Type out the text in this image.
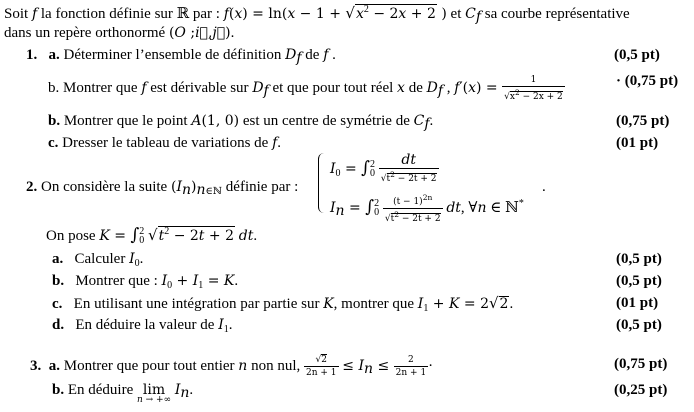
Soit f la fonction définie sur ℝ par : $f(x) = \ln(x - 1 + √x^2 - 2x + 2$ ) et $C_f$ sa courbe représentative
dans un repère orthonormé (O ;i⃗,j⃗).
1. a. Déterminer l’ensemble de définition $D_f$ de f .	(0,5 pt)
b. Montrer que f est dérivable sur $D_f$ et que pour tout réel x de $D_f$ , $f'(x) = \frac{1}{√x^2 - 2x + 2}$	· (0,75 pt)
b. Montrer que le point A(1, 0) est un centre de symétrie de $C_f$.	(0,75 pt)
c. Dresser le tableau de variations de f.	(01 pt)
2. On considère la suite $(I_n)_{n\in ℕ}$ définie par :
$I_0 = \int_0^2 \frac{dt}{√t^2 - 2t + 2}$
$I_n = \int_0^2 \frac{(t - 1)^{2n}}{√t^2 - 2t + 2}$ dt, ∀n ∈ ℕ*
.
On pose $K = \int_0^2$ $√t^2 - 2t + 2$ dt.
a. Calculer $I_0$.	(0,5 pt)
b. Montrer que : $I_0 + I_1 = K$.	(0,5 pt)
c. En utilisant une intégration par partie sur K, montrer que $I_1 + K = 2√2$.	(01 pt)
d. En déduire la valeur de $I_1$.	(0,5 pt)
3. a. Montrer que pour tout entier n non nul, $\frac{√2}{2n + 1} \le I_n \le \frac{2}{2n + 1}$ ·	(0,75 pt)
b. En déduire lim
n → +∞
$I_n$.	(0,25 pt)
